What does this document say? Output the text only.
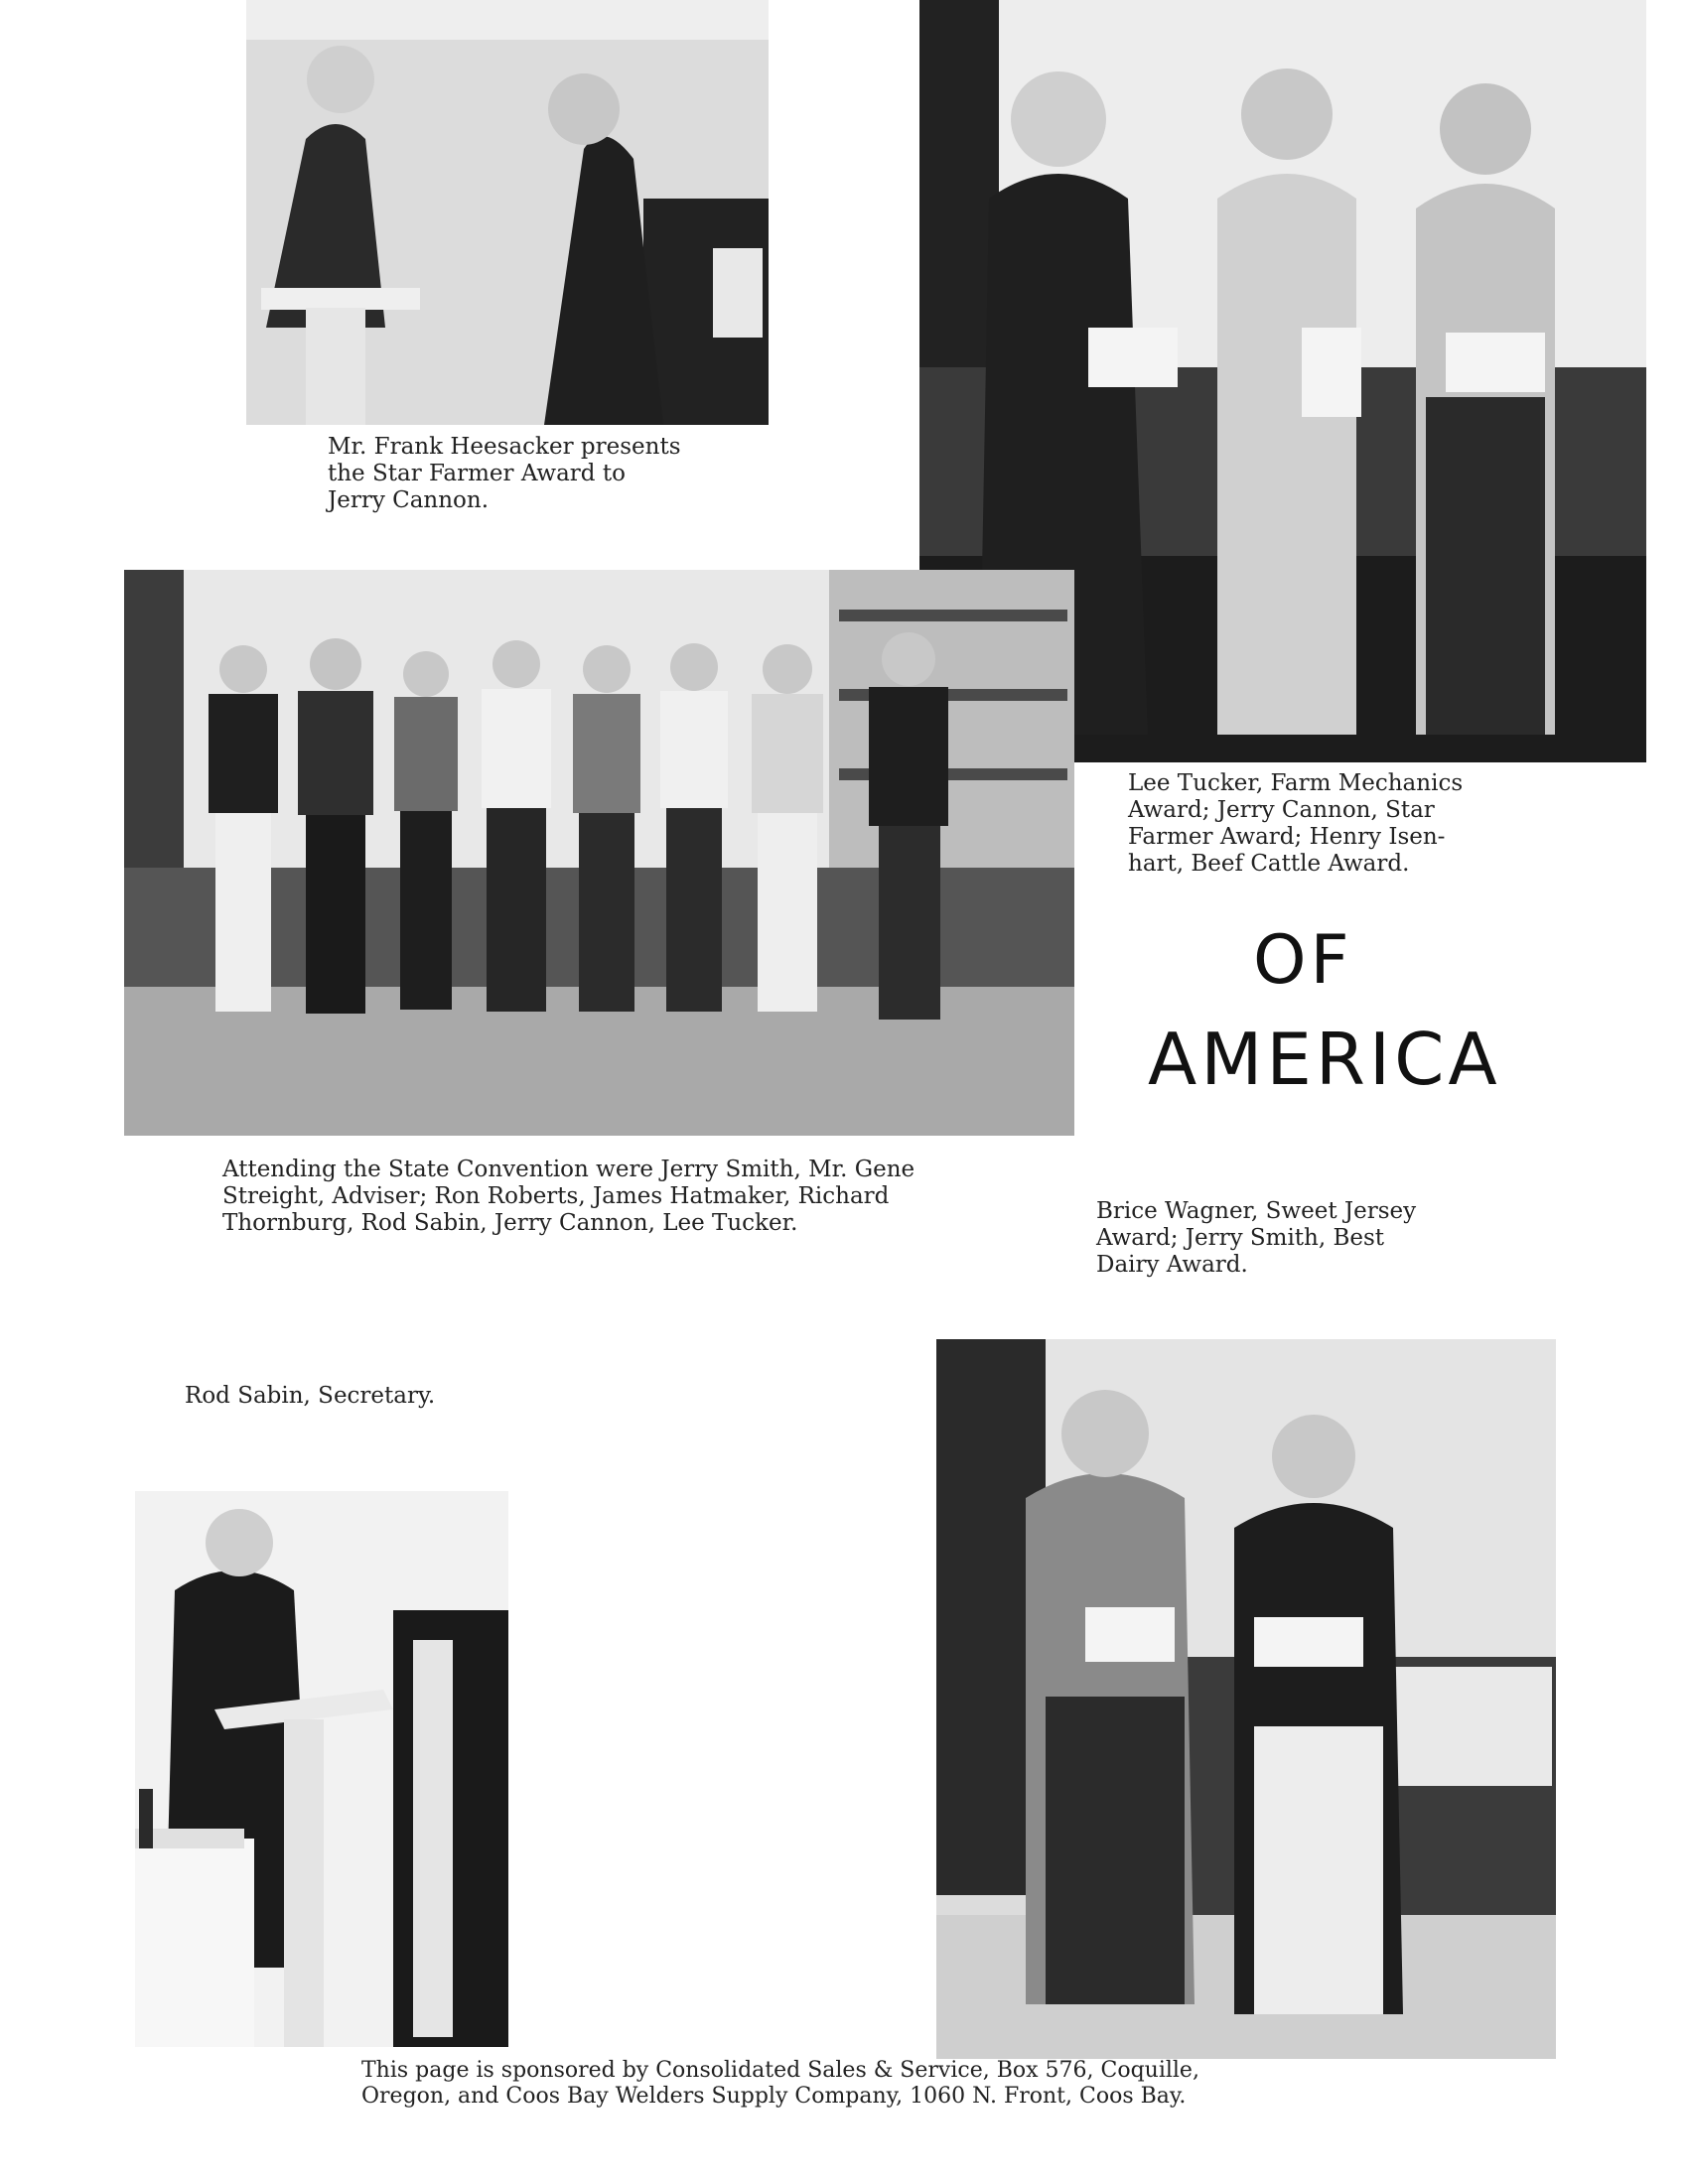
Mr. Frank Heesacker presents
the Star Farmer Award to
Jerry Cannon.

Lee Tucker, Farm Mechanics
Award; Jerry Cannon, Star
Farmer Award; Henry Isen-
hart, Beef Cattle Award.

OF
AMERICA

Attending the State Convention were Jerry Smith, Mr. Gene
Streight, Adviser; Ron Roberts, James Hatmaker, Richard
Thornburg, Rod Sabin, Jerry Cannon, Lee Tucker.	Brice Wagner, Sweet Jersey
Award; Jerry Smith, Best
Dairy Award.

Rod Sabin, Secretary.

This page is sponsored by Consolidated Sales & Service, Box 576, Coquille,
Oregon, and Coos Bay Welders Supply Company, 1060 N. Front, Coos Bay.
